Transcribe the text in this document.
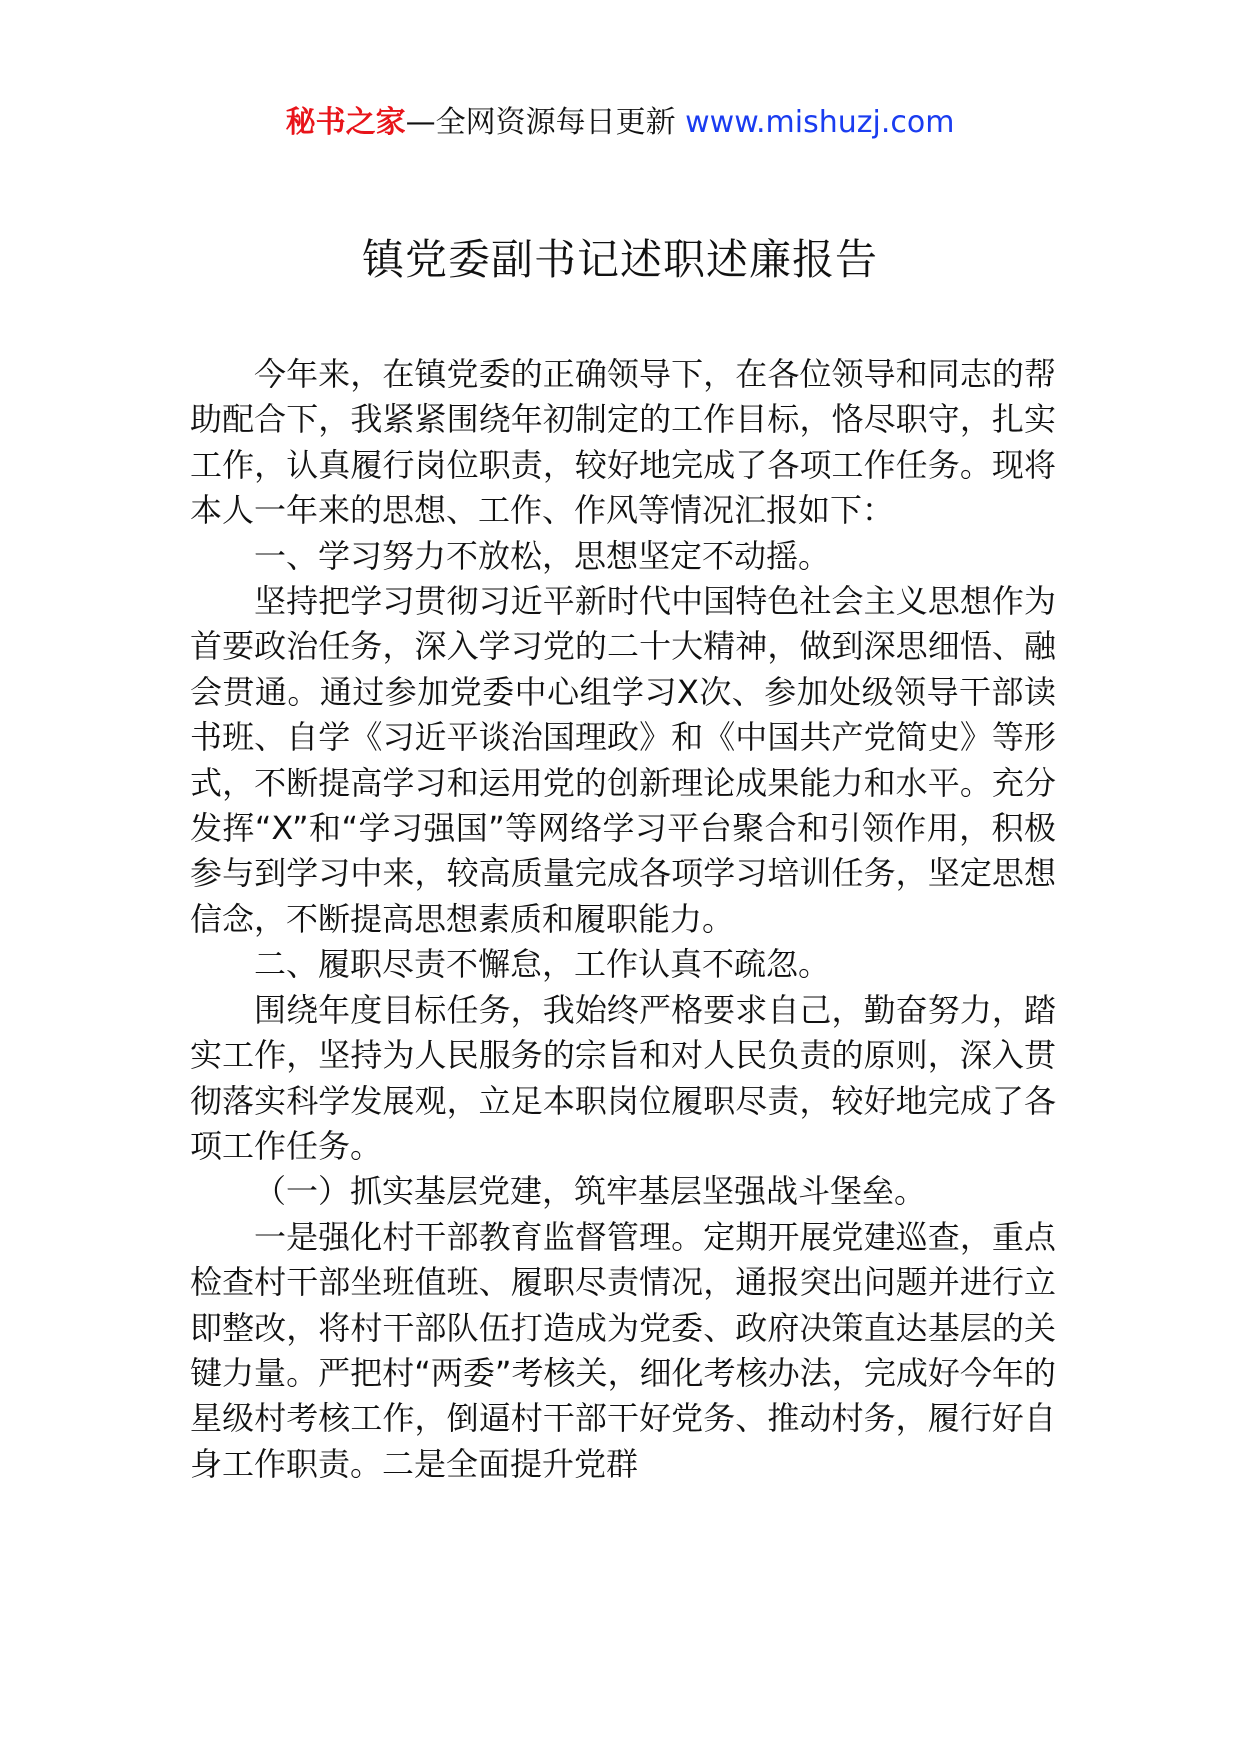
秘书之家—全网资源每日更新 www.mishuzj.com
镇党委副书记述职述廉报告

今年来，在镇党委的正确领导下，在各位领导和同志的帮助配合下，我紧紧围绕年初制定的工作目标，恪尽职守，扎实工作，认真履行岗位职责，较好地完成了各项工作任务。现将本人一年来的思想、工作、作风等情况汇报如下：

一、学习努力不放松，思想坚定不动摇。

坚持把学习贯彻习近平新时代中国特色社会主义思想作为首要政治任务，深入学习党的二十大精神，做到深思细悟、融会贯通。通过参加党委中心组学习X次、参加处级领导干部读书班、自学《习近平谈治国理政》和《中国共产党简史》等形式，不断提高学习和运用党的创新理论成果能力和水平。充分发挥“X”和“学习强国”等网络学习平台聚合和引领作用，积极参与到学习中来，较高质量完成各项学习培训任务，坚定思想信念，不断提高思想素质和履职能力。

二、履职尽责不懈怠，工作认真不疏忽。

围绕年度目标任务，我始终严格要求自己，勤奋努力，踏实工作，坚持为人民服务的宗旨和对人民负责的原则，深入贯彻落实科学发展观，立足本职岗位履职尽责，较好地完成了各项工作任务。

（一）抓实基层党建，筑牢基层坚强战斗堡垒。

一是强化村干部教育监督管理。定期开展党建巡查，重点检查村干部坐班值班、履职尽责情况，通报突出问题并进行立即整改，将村干部队伍打造成为党委、政府决策直达基层的关键力量。严把村“两委”考核关，细化考核办法，完成好今年的星级村考核工作，倒逼村干部干好党务、推动村务，履行好自身工作职责。二是全面提升党群
